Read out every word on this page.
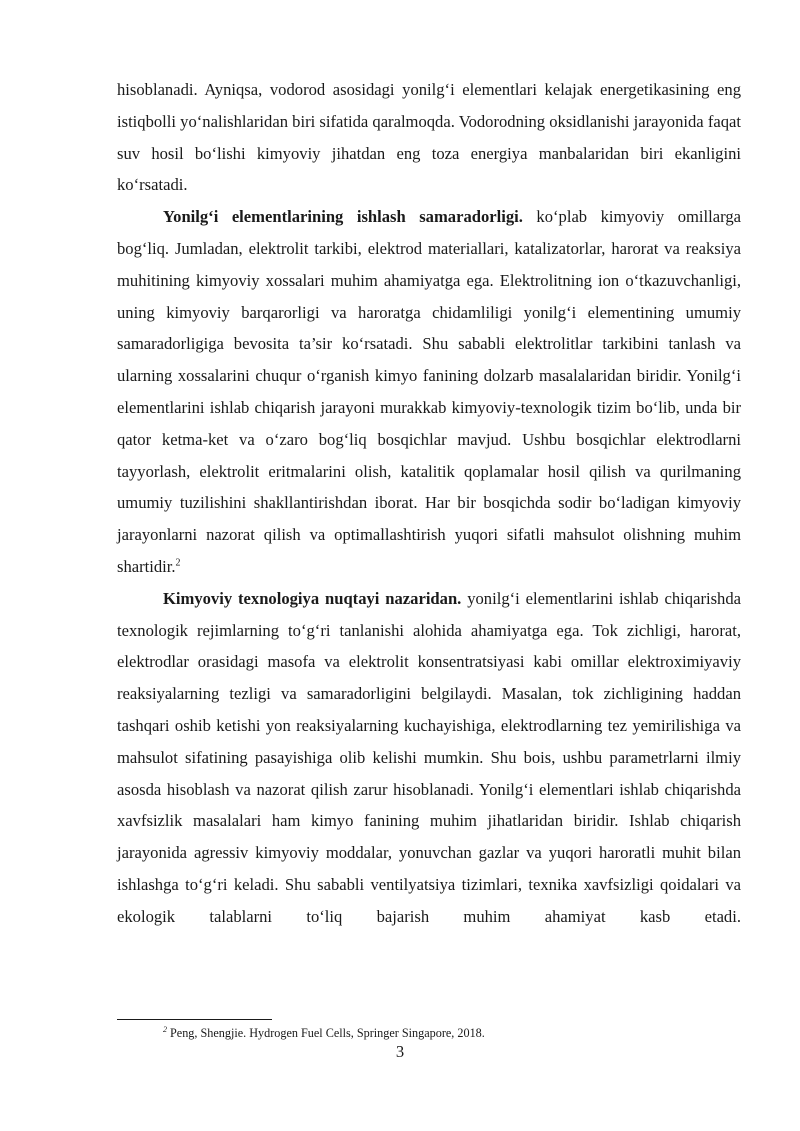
hisoblanadi. Ayniqsa, vodorod asosidagi yonilg‘i elementlari kelajak energetikasining eng istiqbolli yo‘nalishlaridan biri sifatida qaralmoqda. Vodorodning oksidlanishi jarayonida faqat suv hosil bo‘lishi kimyoviy jihatdan eng toza energiya manbalaridan biri ekanligini ko‘rsatadi.

Yonilg‘i elementlarining ishlash samaradorligi. ko‘plab kimyoviy omillarga bog‘liq. Jumladan, elektrolit tarkibi, elektrod materiallari, katalizatorlar, harorat va reaksiya muhitining kimyoviy xossalari muhim ahamiyatga ega. Elektrolitning ion o‘tkazuvchanligi, uning kimyoviy barqarorligi va haroratga chidamliligi yonilg‘i elementining umumiy samaradorligiga bevosita ta’sir ko‘rsatadi. Shu sababli elektrolitlar tarkibini tanlash va ularning xossalarini chuqur o‘rganish kimyo fanining dolzarb masalalaridan biridir. Yonilg‘i elementlarini ishlab chiqarish jarayoni murakkab kimyoviy-texnologik tizim bo‘lib, unda bir qator ketma-ket va o‘zaro bog‘liq bosqichlar mavjud. Ushbu bosqichlar elektrodlarni tayyorlash, elektrolit eritmalarini olish, katalitik qoplamalar hosil qilish va qurilmaning umumiy tuzilishini shakllantirishdan iborat. Har bir bosqichda sodir bo‘ladigan kimyoviy jarayonlarni nazorat qilish va optimallashtirish yuqori sifatli mahsulot olishning muhim shartidir.$^2$

Kimyoviy texnologiya nuqtayi nazaridan. yonilg‘i elementlarini ishlab chiqarishda texnologik rejimlarning to‘g‘ri tanlanishi alohida ahamiyatga ega. Tok zichligi, harorat, elektrodlar orasidagi masofa va elektrolit konsentratsiyasi kabi omillar elektroximiyaviy reaksiyalarning tezligi va samaradorligini belgilaydi. Masalan, tok zichligining haddan tashqari oshib ketishi yon reaksiyalarning kuchayishiga, elektrodlarning tez yemirilishiga va mahsulot sifatining pasayishiga olib kelishi mumkin. Shu bois, ushbu parametrlarni ilmiy asosda hisoblash va nazorat qilish zarur hisoblanadi. Yonilg‘i elementlari ishlab chiqarishda xavfsizlik masalalari ham kimyo fanining muhim jihatlaridan biridir. Ishlab chiqarish jarayonida agressiv kimyoviy moddalar, yonuvchan gazlar va yuqori haroratli muhit bilan ishlashga to‘g‘ri keladi. Shu sababli ventilyatsiya tizimlari, texnika xavfsizligi qoidalari va ekologik talablarni to‘liq bajarish muhim ahamiyat kasb etadi.

$^2$ Peng, Shengjie. Hydrogen Fuel Cells, Springer Singapore, 2018.
3
